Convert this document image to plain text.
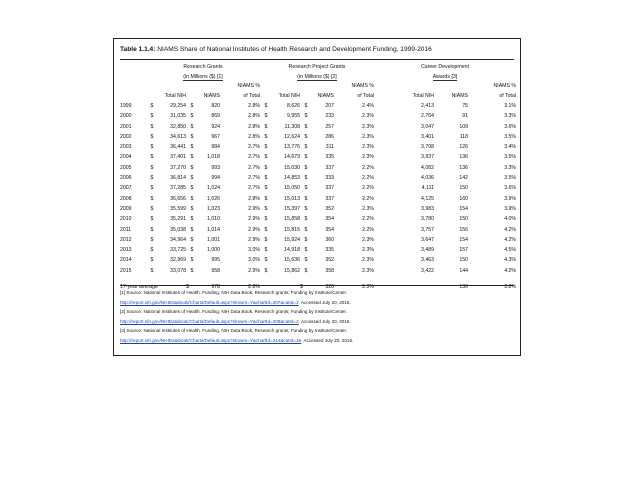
Table 1.1.4: NIAMS Share of National Institutes of Health Research and Development Funding, 1999-2016
	Research Grants					Research Project Grants					Career Development		
	(in Millions ($) [1]					(in Millions ($) [2]					Awards [3]		
					NIAMS %					NIAMS %			NIAMS %
	Total NIH		NIAMS		of Total	Total NIH		NIAMS		of Total	Total NIH	NIAMS	of Total
1999	$	29,254	$	820	2.8%	$	8,626	$	207	2.4%	2,413	75	3.1%
2000	$	31,035	$	869	2.8%	$	9,955	$	233	2.3%	2,764	91	3.3%
2001	$	32,850	$	924	2.8%	$	11,308	$	257	2.3%	3,047	109	3.6%
2002	$	34,613	$	967	2.8%	$	12,624	$	286	2.3%	3,401	118	3.5%
2003	$	36,441	$	984	2.7%	$	13,776	$	311	2.3%	3,708	126	3.4%
2004	$	37,401	$	1,018	2.7%	$	14,673	$	335	2.3%	3,937	136	3.5%
2005	$	37,270	$	993	2.7%	$	15,030	$	337	2.2%	4,082	136	3.3%
2006	$	36,814	$	994	2.7%	$	14,853	$	333	2.2%	4,036	142	3.5%
2007	$	37,285	$	1,024	2.7%	$	15,050	$	337	2.2%	4,111	150	3.6%
2008	$	36,656	$	1,026	2.8%	$	15,013	$	337	2.2%	4,125	160	3.9%
2009	$	35,599	$	1,023	2.9%	$	15,397	$	352	2.3%	3,983	154	3.9%
2010	$	35,291	$	1,010	2.9%	$	15,858	$	354	2.2%	3,780	150	4.0%
2011	$	35,038	$	1,014	2.9%	$	15,815	$	354	2.2%	3,757	156	4.2%
2012	$	34,964	$	1,001	2.9%	$	15,924	$	360	2.3%	3,647	154	4.2%
2013	$	33,725	$	1,000	3.0%	$	14,918	$	335	2.3%	3,489	157	4.5%
2014	$	32,969	$	995	3.0%	$	15,636	$	352	2.3%	3,463	150	4.3%
2015	$	33,078	$	958	2.9%	$	15,862	$	358	2.3%	3,422	144	4.2%
17-year average			$	978	2.8%			$	320	2.3%		136	3.8%
[1] Source: National Institutes of Health. Funding, NIH Data Book, Research grants; Funding by Institute/Center.
http://report.nih.gov/NIHDatabook/Charts/Default.aspx?showm=Y&chartId=207&catId=2 Accessed July 20, 2016.
[2] Source: National Institutes of Health. Funding, NIH Data Book, Research grants; Funding by Institute/Center.
http://report.nih.gov/NIHDatabook/Charts/Default.aspx?showm=Y&chartId=209&catId=2 Accessed July 20, 2016.
[3] Source: National Institutes of Health. Funding, NIH Data Book, Research grants; Funding by Institute/Center.
http://report.nih.gov/NIHDatabook/Charts/Default.aspx?showm=Y&chartId=214&catId=16 Accessed July 20, 2016.
